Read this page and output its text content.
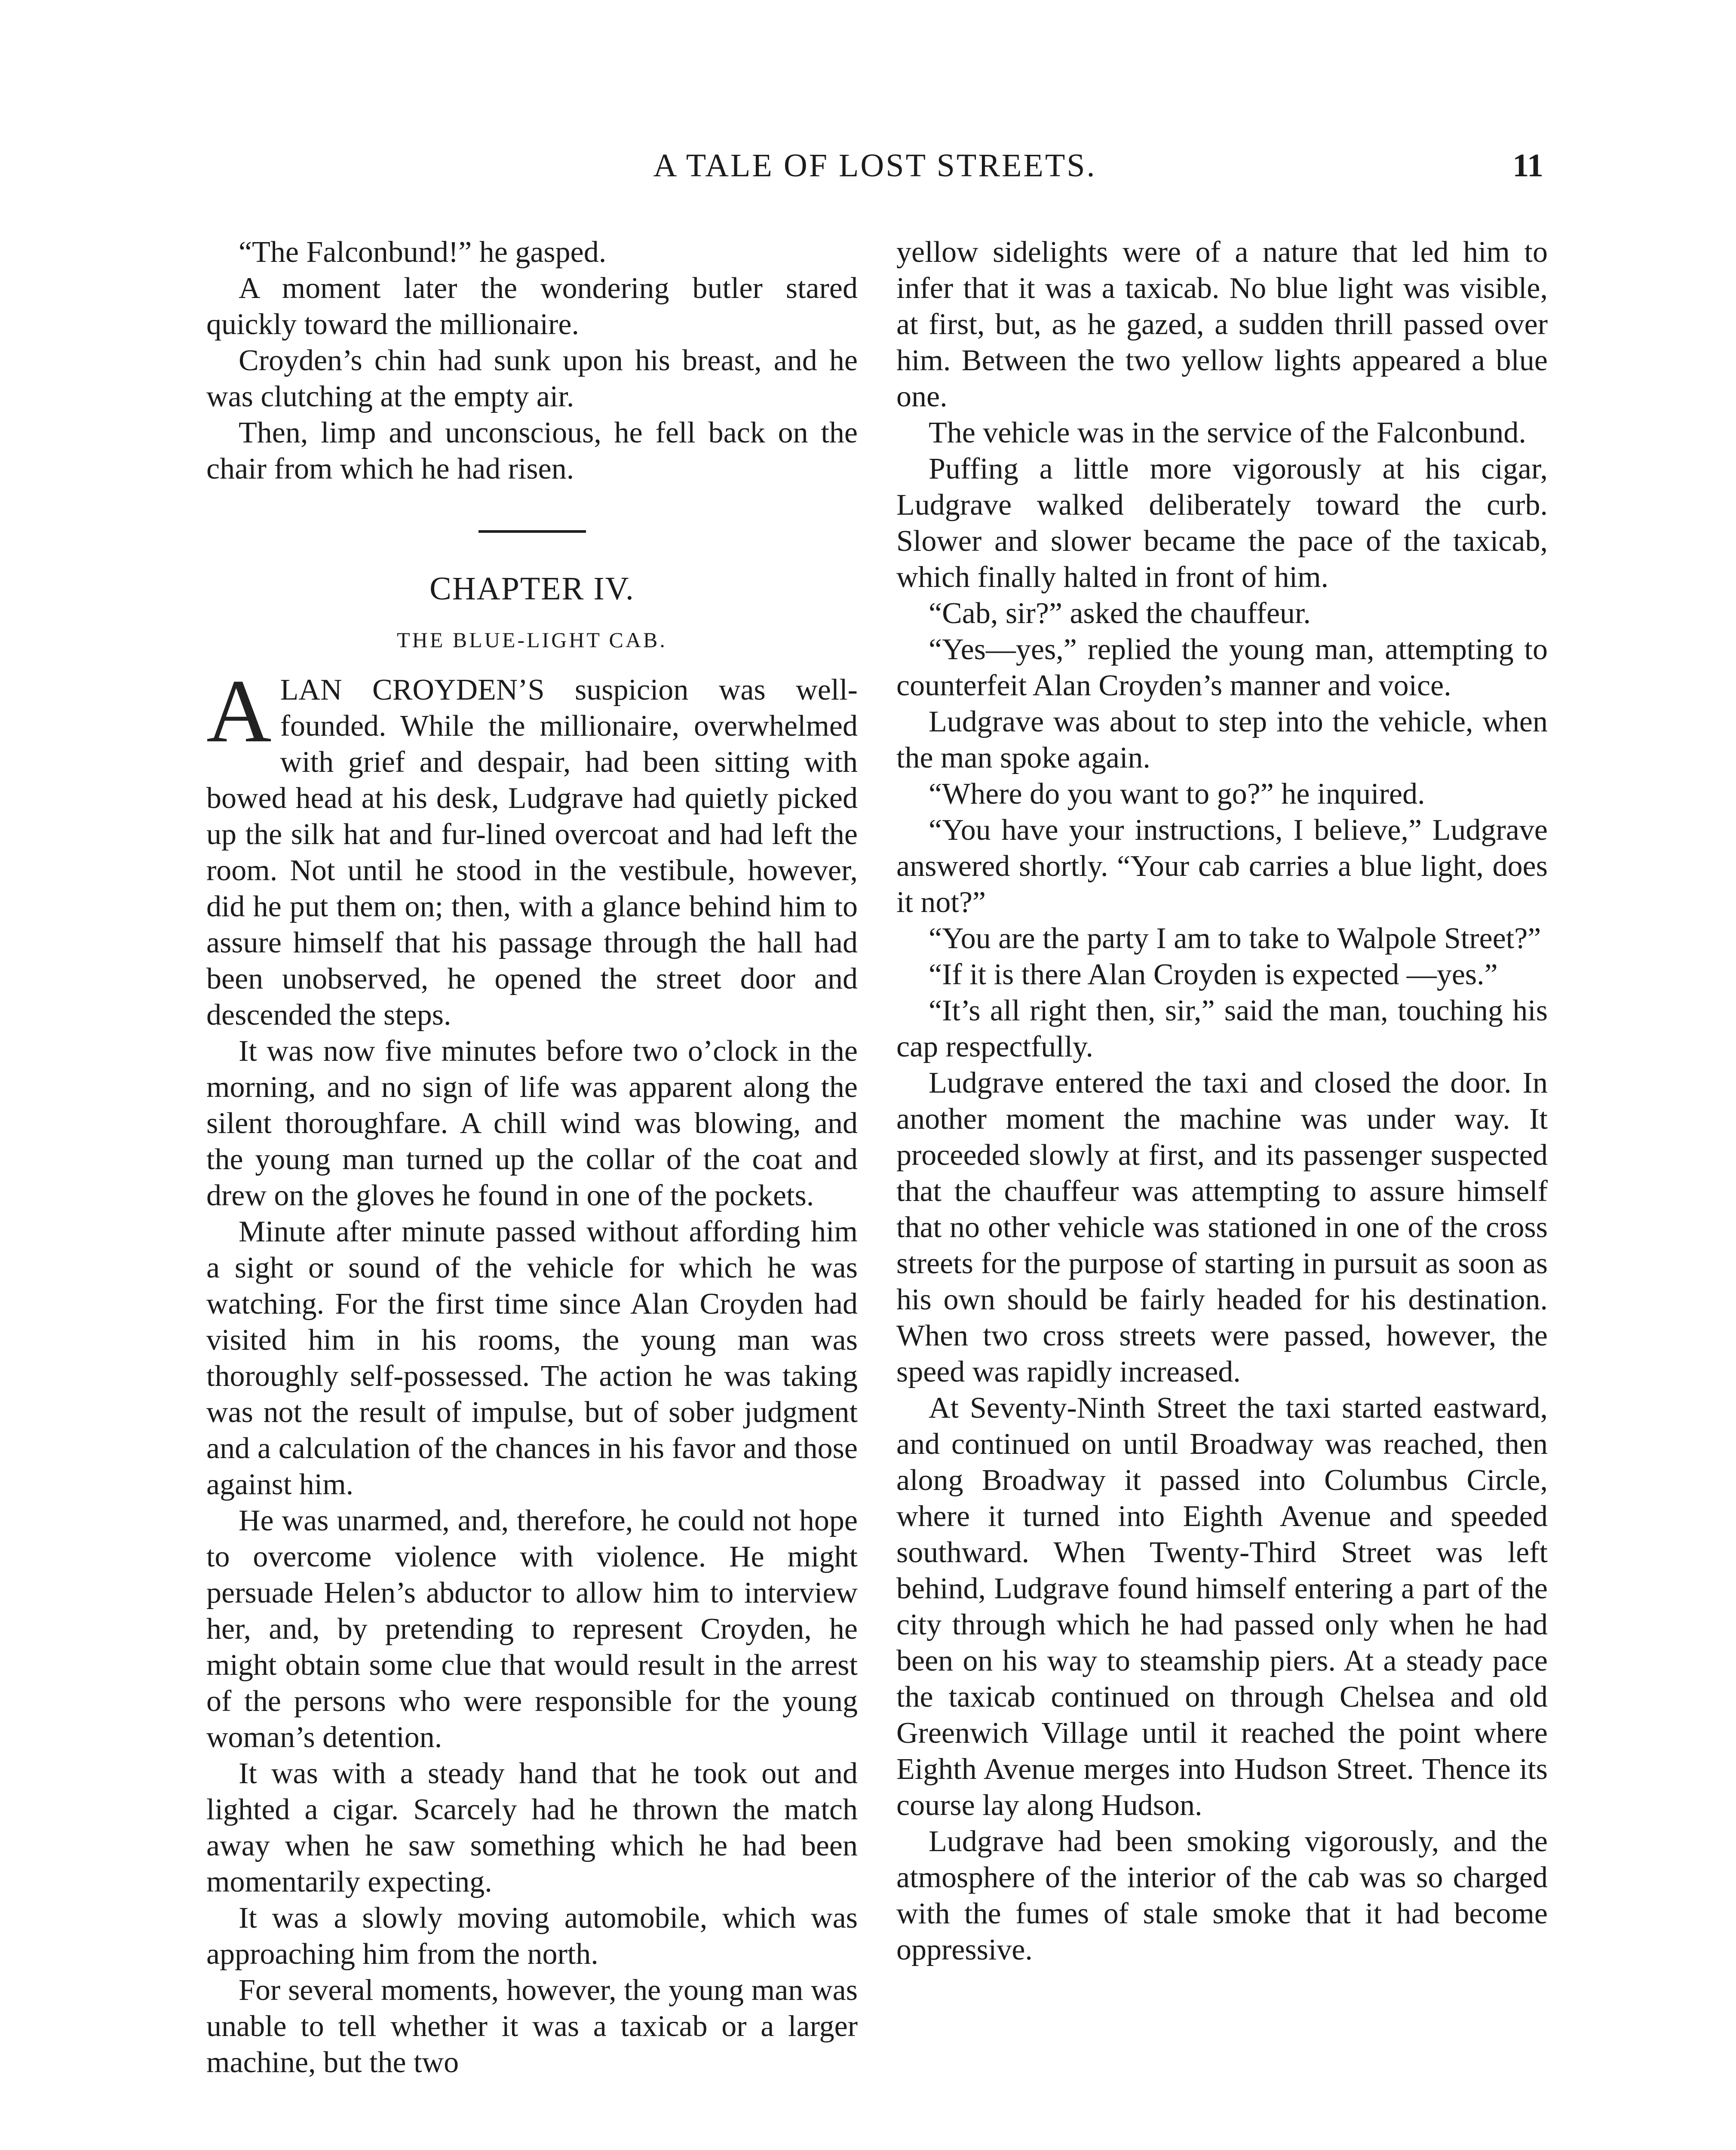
A TALE OF LOST STREETS.	11

“The Falconbund!” he gasped.

A moment later the wondering butler stared quickly toward the millionaire.

Croyden’s chin had sunk upon his breast, and he was clutching at the empty air.

Then, limp and unconscious, he fell back on the chair from which he had risen.

CHAPTER IV.
THE BLUE-LIGHT CAB.

ALAN CROYDEN’S suspicion was well-founded. While the millionaire, overwhelmed with grief and despair, had been sitting with bowed head at his desk, Ludgrave had quietly picked up the silk hat and fur-lined overcoat and had left the room. Not until he stood in the vestibule, however, did he put them on; then, with a glance behind him to assure himself that his passage through the hall had been unobserved, he opened the street door and descended the steps.

It was now five minutes before two o’clock in the morning, and no sign of life was apparent along the silent thoroughfare. A chill wind was blowing, and the young man turned up the collar of the coat and drew on the gloves he found in one of the pockets.

Minute after minute passed without affording him a sight or sound of the vehicle for which he was watching. For the first time since Alan Croyden had visited him in his rooms, the young man was thoroughly self-possessed. The action he was taking was not the result of impulse, but of sober judgment and a calculation of the chances in his favor and those against him.

He was unarmed, and, therefore, he could not hope to overcome violence with violence. He might persuade Helen’s abductor to allow him to interview her, and, by pretending to represent Croyden, he might obtain some clue that would result in the arrest of the persons who were responsible for the young woman’s detention.

It was with a steady hand that he took out and lighted a cigar. Scarcely had he thrown the match away when he saw something which he had been momentarily expecting.

It was a slowly moving automobile, which was approaching him from the north.

For several moments, however, the young man was unable to tell whether it was a taxicab or a larger machine, but the two

yellow sidelights were of a nature that led him to infer that it was a taxicab. No blue light was visible, at first, but, as he gazed, a sudden thrill passed over him. Between the two yellow lights appeared a blue one.

The vehicle was in the service of the Falconbund.

Puffing a little more vigorously at his cigar, Ludgrave walked deliberately toward the curb. Slower and slower became the pace of the taxicab, which finally halted in front of him.

“Cab, sir?” asked the chauffeur.

“Yes—yes,” replied the young man, attempting to counterfeit Alan Croyden’s manner and voice.

Ludgrave was about to step into the vehicle, when the man spoke again.

“Where do you want to go?” he inquired.

“You have your instructions, I believe,” Ludgrave answered shortly. “Your cab carries a blue light, does it not?”

“You are the party I am to take to Walpole Street?”

“If it is there Alan Croyden is expected —yes.”

“It’s all right then, sir,” said the man, touching his cap respectfully.

Ludgrave entered the taxi and closed the door. In another moment the machine was under way. It proceeded slowly at first, and its passenger suspected that the chauffeur was attempting to assure himself that no other vehicle was stationed in one of the cross streets for the purpose of starting in pursuit as soon as his own should be fairly headed for his destination. When two cross streets were passed, however, the speed was rapidly increased.

At Seventy-Ninth Street the taxi started eastward, and continued on until Broadway was reached, then along Broadway it passed into Columbus Circle, where it turned into Eighth Avenue and speeded southward. When Twenty-Third Street was left behind, Ludgrave found himself entering a part of the city through which he had passed only when he had been on his way to steamship piers. At a steady pace the taxicab continued on through Chelsea and old Greenwich Village until it reached the point where Eighth Avenue merges into Hudson Street. Thence its course lay along Hudson.

Ludgrave had been smoking vigorously, and the atmosphere of the interior of the cab was so charged with the fumes of stale smoke that it had become oppressive.
